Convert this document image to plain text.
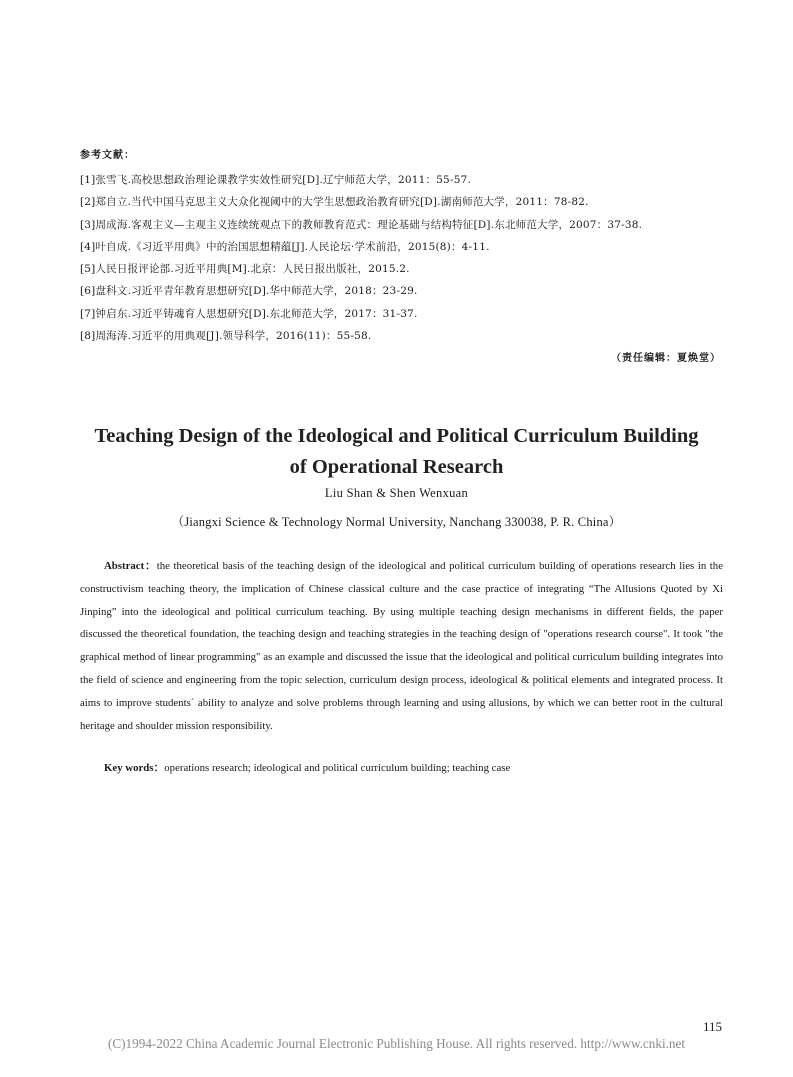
参考文献：
[1]张雪飞.高校思想政治理论课教学实效性研究[D].辽宁师范大学，2011：55-57.
[2]郑自立.当代中国马克思主义大众化视阈中的大学生思想政治教育研究[D].湖南师范大学，2011：78-82.
[3]周成海.客观主义—主观主义连续统观点下的教师教育范式：理论基础与结构特征[D].东北师范大学，2007：37-38.
[4]叶自成.《习近平用典》中的治国思想精蕴[J].人民论坛·学术前沿，2015(8)：4-11.
[5]人民日报评论部.习近平用典[M].北京：人民日报出版社，2015.2.
[6]盘科文.习近平青年教育思想研究[D].华中师范大学，2018：23-29.
[7]钟启东.习近平铸魂育人思想研究[D].东北师范大学，2017：31-37.
[8]周海涛.习近平的用典观[J].领导科学，2016(11)：55-58.
（责任编辑：夏焕堂）
Teaching Design of the Ideological and Political Curriculum Building
of Operational Research
Liu Shan & Shen Wenxuan
（Jiangxi Science & Technology Normal University, Nanchang 330038, P. R. China）

Abstract：the theoretical basis of the teaching design of the ideological and political curriculum building of operations research lies in the constructivism teaching theory, the implication of Chinese classical culture and the case practice of integrating “The Allusions Quoted by Xi Jinping” into the ideological and political curriculum teaching. By using multiple teaching design mechanisms in different fields, the paper discussed the theoretical foundation, the teaching design and teaching strategies in the teaching design of "operations research course". It took "the graphical method of linear programming" as an example and discussed the issue that the ideological and political curriculum building integrates into the field of science and engineering from the topic selection, curriculum design process, ideological & political elements and integrated process. It aims to improve students´ ability to analyze and solve problems through learning and using allusions, by which we can better root in the cultural heritage and shoulder mission responsibility.

Key words：operations research; ideological and political curriculum building; teaching case
115
(C)1994-2022 China Academic Journal Electronic Publishing House. All rights reserved. http://www.cnki.net
